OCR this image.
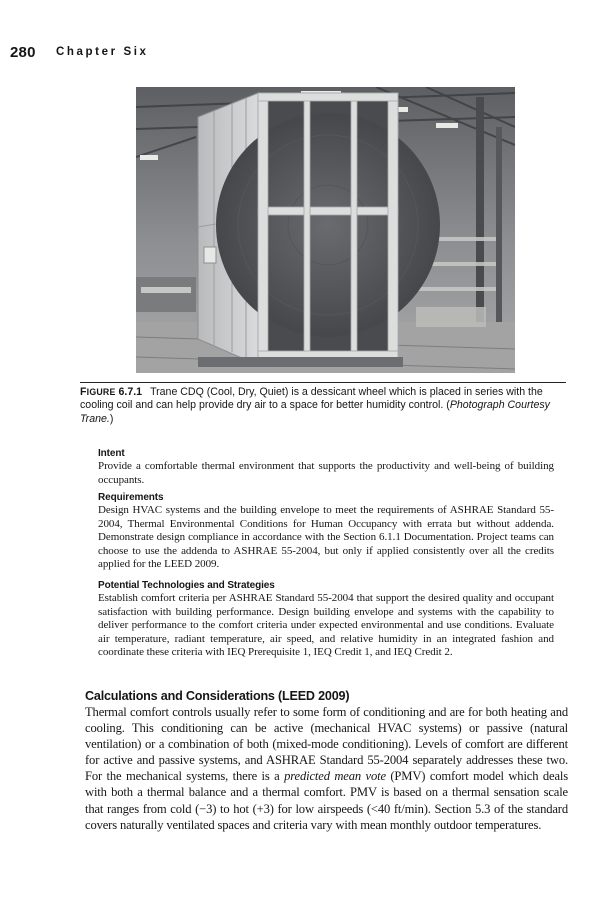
280 Chapter Six
FIGURE 6.7.1 Trane CDQ (Cool, Dry, Quiet) is a dessicant wheel which is placed in series with the cooling coil and can help provide dry air to a space for better humidity control. (Photograph Courtesy Trane.)
Intent
Provide a comfortable thermal environment that supports the productivity and well-being of building occupants.
Requirements
Design HVAC systems and the building envelope to meet the requirements of ASHRAE Standard 55-2004, Thermal Environmental Conditions for Human Occupancy with errata but without addenda. Demonstrate design compliance in accordance with the Section 6.1.1 Documentation. Project teams can choose to use the addenda to ASHRAE 55-2004, but only if applied consistently over all the credits applied for the LEED 2009.
Potential Technologies and Strategies
Establish comfort criteria per ASHRAE Standard 55-2004 that support the desired quality and occupant satisfaction with building performance. Design building envelope and systems with the capability to deliver performance to the comfort criteria under expected environmental and use conditions. Evaluate air temperature, radiant temperature, air speed, and relative humidity in an integrated fashion and coordinate these criteria with IEQ Prerequisite 1, IEQ Credit 1, and IEQ Credit 2.
Calculations and Considerations (LEED 2009)
Thermal comfort controls usually refer to some form of conditioning and are for both heating and cooling. This conditioning can be active (mechanical HVAC systems) or passive (natural ventilation) or a combination of both (mixed-mode conditioning). Levels of comfort are different for active and passive systems, and ASHRAE Standard 55-2004 separately addresses these two. For the mechanical systems, there is a predicted mean vote (PMV) comfort model which deals with both a thermal balance and a thermal comfort. PMV is based on a thermal sensation scale that ranges from cold (−3) to hot (+3) for low airspeeds (<40 ft/min). Section 5.3 of the standard covers naturally ventilated spaces and criteria vary with mean monthly outdoor temperatures.
